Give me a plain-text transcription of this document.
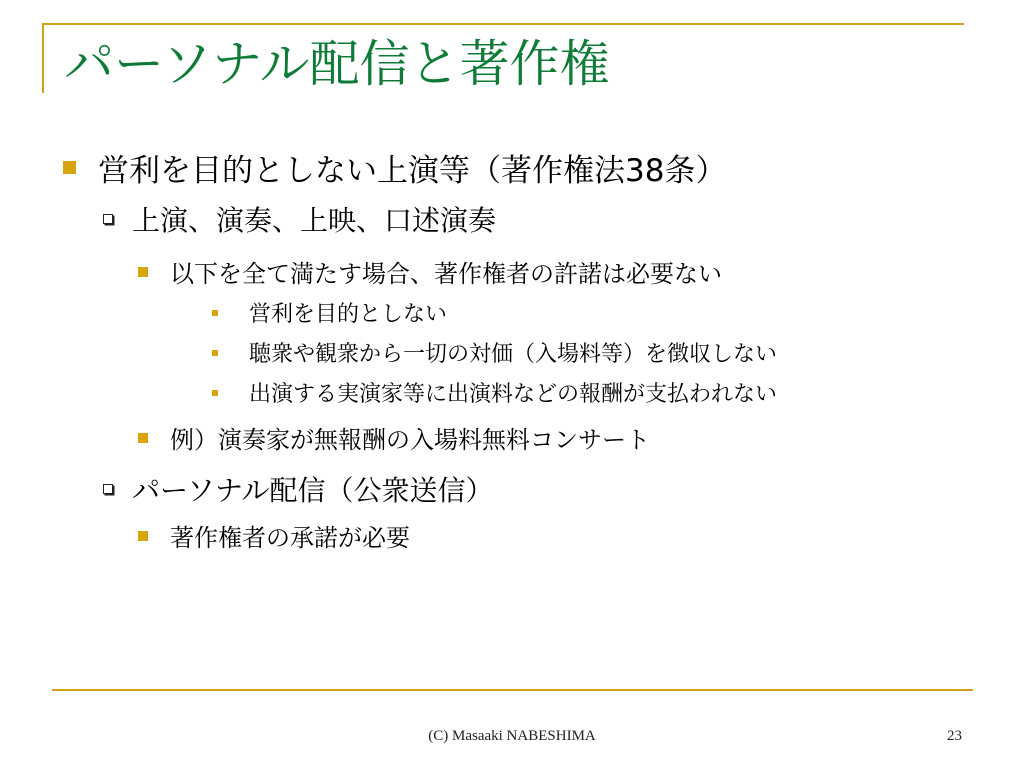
パーソナル配信と著作権
営利を目的としない上演等（著作権法38条）
上演、演奏、上映、口述演奏
以下を全て満たす場合、著作権者の許諾は必要ない
営利を目的としない
聴衆や観衆から一切の対価（入場料等）を徴収しない
出演する実演家等に出演料などの報酬が支払われない
例）演奏家が無報酬の入場料無料コンサート
パーソナル配信（公衆送信）
著作権者の承諾が必要
(C) Masaaki NABESHIMA	23
